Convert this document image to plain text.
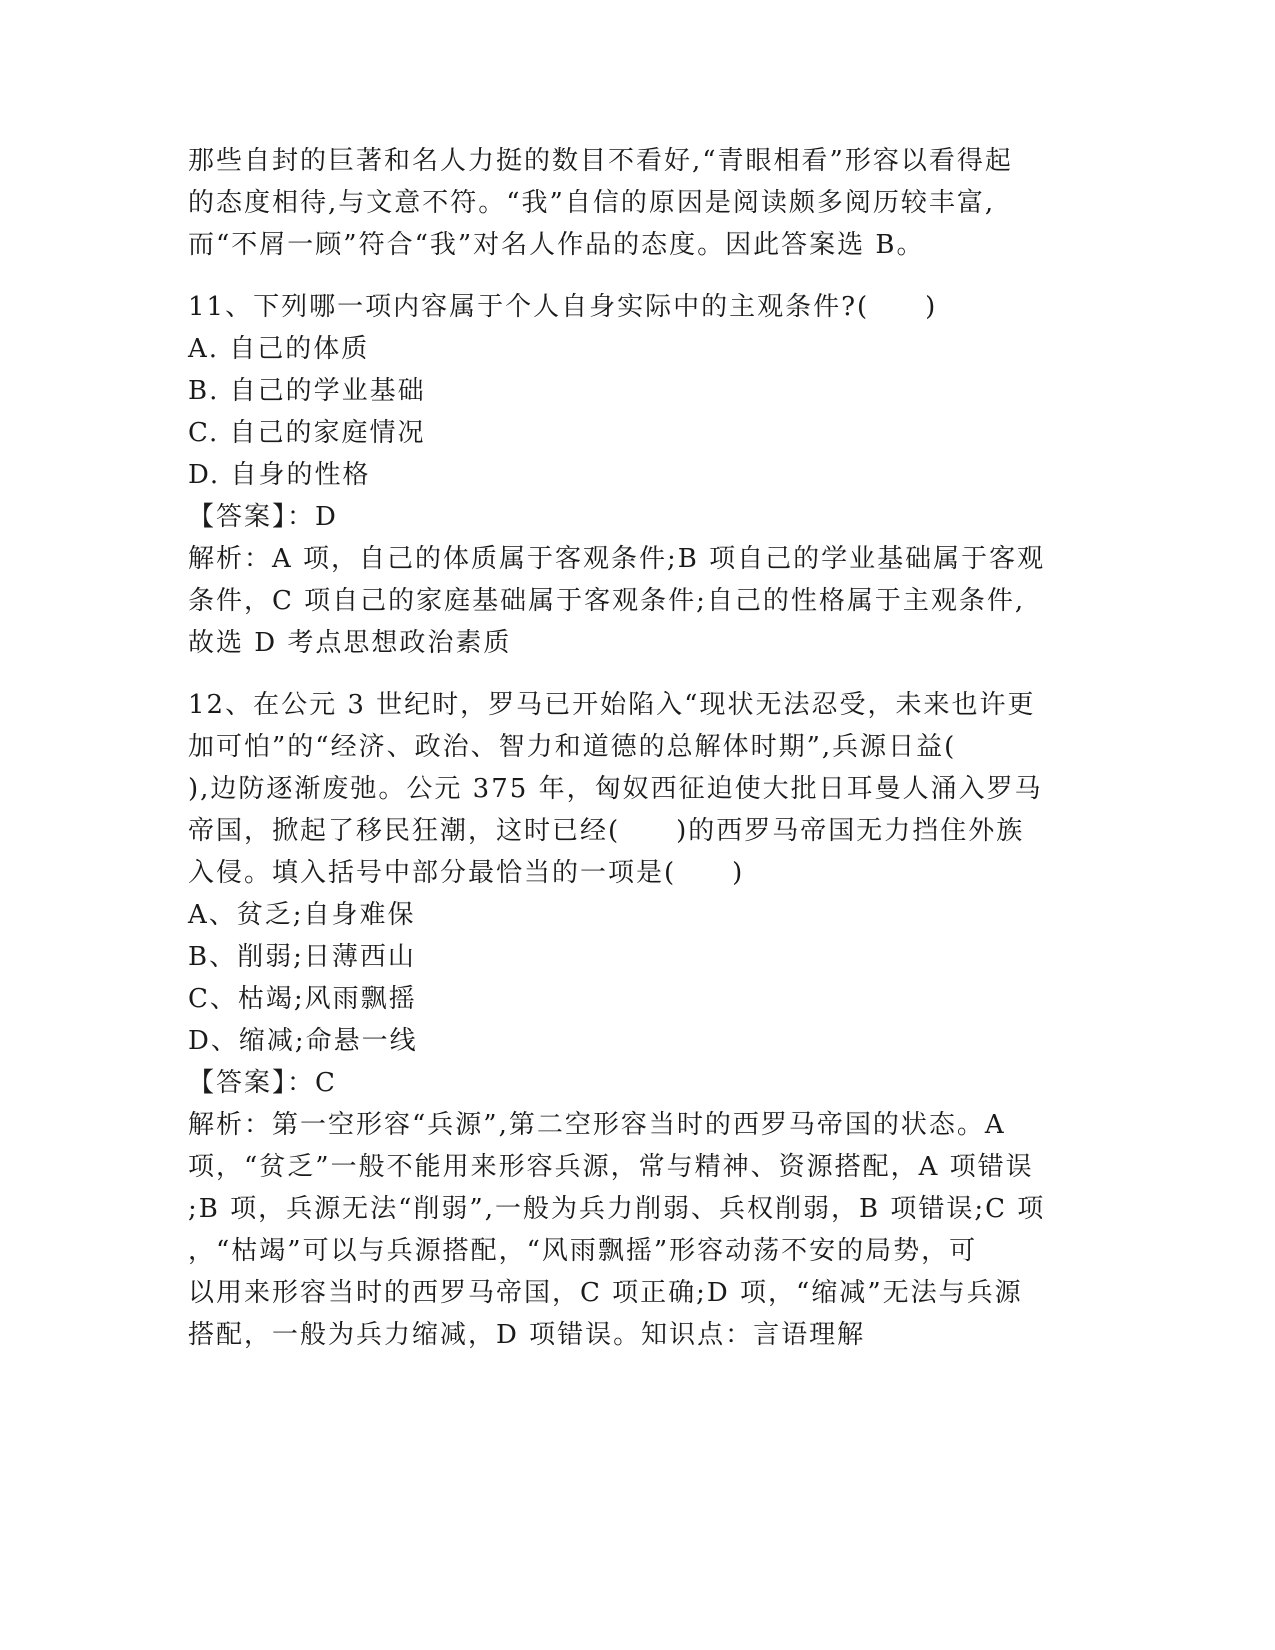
那些自封的巨著和名人力挺的数目不看好,“青眼相看”形容以看得起
的态度相待,与文意不符。“我”自信的原因是阅读颇多阅历较丰富,
而“不屑一顾”符合“我”对名人作品的态度。因此答案选 B。
11、下列哪一项内容属于个人自身实际中的主观条件?(　　)
A. 自己的体质
B. 自己的学业基础
C. 自己的家庭情况
D. 自身的性格
【答案】：D
解析：A 项，自己的体质属于客观条件;B 项自己的学业基础属于客观
条件，C 项自己的家庭基础属于客观条件;自己的性格属于主观条件,
故选 D 考点思想政治素质
12、在公元 3 世纪时，罗马已开始陷入“现状无法忍受，未来也许更
加可怕”的“经济、政治、智力和道德的总解体时期”,兵源日益(
),边防逐渐废弛。公元 375 年，匈奴西征迫使大批日耳曼人涌入罗马
帝国，掀起了移民狂潮，这时已经(　　)的西罗马帝国无力挡住外族
入侵。填入括号中部分最恰当的一项是(　　)
A、贫乏;自身难保
B、削弱;日薄西山
C、枯竭;风雨飘摇
D、缩减;命悬一线
【答案】：C
解析：第一空形容“兵源”,第二空形容当时的西罗马帝国的状态。A
项，“贫乏”一般不能用来形容兵源，常与精神、资源搭配，A 项错误
;B 项，兵源无法“削弱”,一般为兵力削弱、兵权削弱，B 项错误;C 项
，“枯竭”可以与兵源搭配，“风雨飘摇”形容动荡不安的局势，可
以用来形容当时的西罗马帝国，C 项正确;D 项，“缩减”无法与兵源
搭配，一般为兵力缩减，D 项错误。知识点：言语理解
